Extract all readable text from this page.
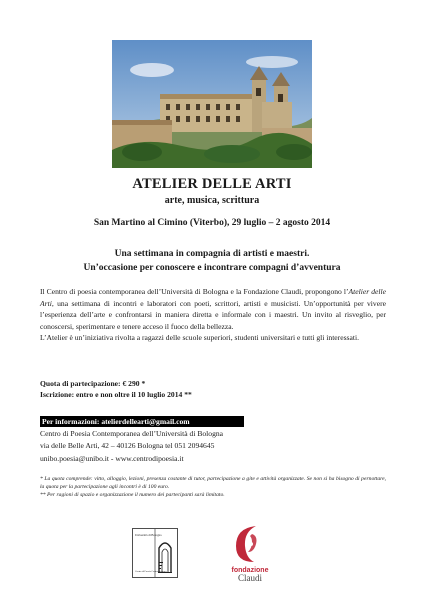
ATELIER DELLE ARTI
arte, musica, scrittura
San Martino al Cimino (Viterbo), 29 luglio – 2 agosto 2014
Una settimana in compagnia di artisti e maestri.
Un’occasione per conoscere e incontrare compagni d’avventura

Il Centro di poesia contemporanea dell’Università di Bologna e la Fondazione Claudi, propongono l’Atelier delle Arti, una settimana di incontri e laboratori con poeti, scrittori, artisti e musicisti. Un’opportunità per vivere l’esperienza dell’arte e confrontarsi in maniera diretta e informale con i maestri. Un invito al risveglio, per conoscersi, sperimentare e tenere acceso il fuoco della bellezza.

L’Atelier è un’iniziativa rivolta a ragazzi delle scuole superiori, studenti universitari e tutti gli interessati.

Quota di partecipazione: € 290 *
Iscrizione: entro e non oltre il 10 luglio 2014 **
Per informazioni: atelierdellearti@gmail.com
Centro di Poesia Contemporanea dell’Università di Bologna
via delle Belle Arti, 42 – 40126 Bologna tel 051 2094645
unibo.poesia@unibo.it - www.centrodipoesia.it

* La quota comprende: vitto, alloggio, lezioni, presenza costante di tutor, partecipazione a gite e attività organizzate. Se non si ha bisogno di pernottare, la quota per la partecipazione agli incontri è di 100 euro.

** Per ragioni di spazio e organizzazione il numero dei partecipanti sarà limitato.

Università di Bologna
Centro di Poesia Contemporanea	fondazione
Claudi
